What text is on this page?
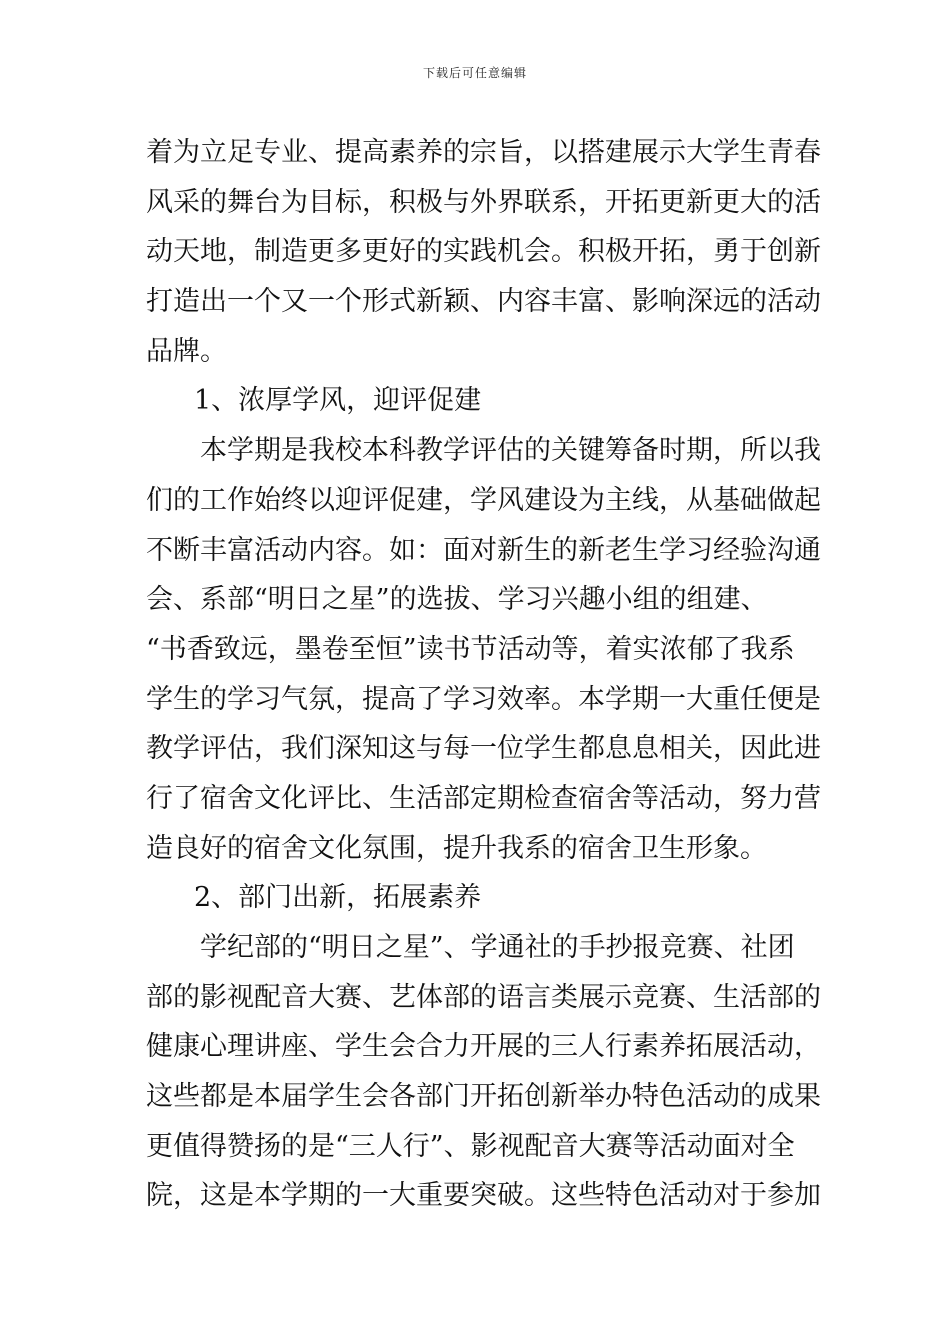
下载后可任意编辑
着为立足专业、提高素养的宗旨，以搭建展示大学生青春
风采的舞台为目标，积极与外界联系，开拓更新更大的活
动天地，制造更多更好的实践机会。积极开拓，勇于创新
打造出一个又一个形式新颖、内容丰富、影响深远的活动
品牌。
1、浓厚学风，迎评促建
本学期是我校本科教学评估的关键筹备时期，所以我
们的工作始终以迎评促建，学风建设为主线，从基础做起
不断丰富活动内容。如：面对新生的新老生学习经验沟通
会、系部“明日之星”的选拔、学习兴趣小组的组建、
“书香致远，墨卷至恒”读书节活动等，着实浓郁了我系
学生的学习气氛，提高了学习效率。本学期一大重任便是
教学评估，我们深知这与每一位学生都息息相关，因此进
行了宿舍文化评比、生活部定期检查宿舍等活动，努力营
造良好的宿舍文化氛围，提升我系的宿舍卫生形象。
2、部门出新，拓展素养
学纪部的“明日之星”、学通社的手抄报竞赛、社团
部的影视配音大赛、艺体部的语言类展示竞赛、生活部的
健康心理讲座、学生会合力开展的三人行素养拓展活动，
这些都是本届学生会各部门开拓创新举办特色活动的成果
更值得赞扬的是“三人行”、影视配音大赛等活动面对全
院，这是本学期的一大重要突破。这些特色活动对于参加
